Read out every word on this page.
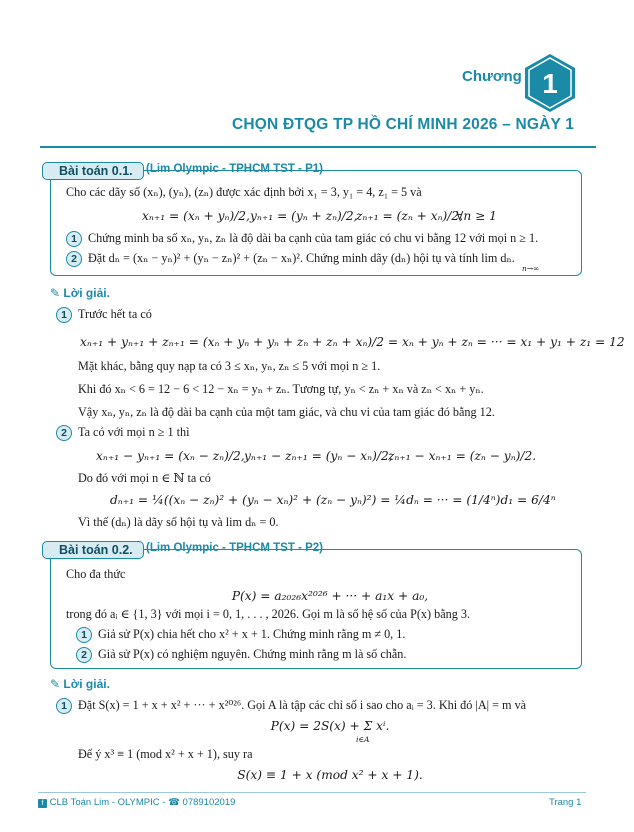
Chương 1
CHỌN ĐTQG TP HỒ CHÍ MINH 2026 – NGÀY 1
Bài toán 0.1.	(Lim Olympic - TPHCM TST - P1)
Cho các dãy số (xₙ), (yₙ), (zₙ) được xác định bởi x₁ = 3, y₁ = 4, z₁ = 5 và
xₙ₊₁ = (xₙ + yₙ)/2, yₙ₊₁ = (yₙ + zₙ)/2,
zₙ₊₁ = (zₙ + xₙ)/2,
∀n ≥ 1
1 Chứng minh ba số xₙ, yₙ, zₙ là độ dài ba cạnh của tam giác có chu vi bằng 12 với mọi n ≥ 1.
2 Đặt dₙ = (xₙ − yₙ)² + (yₙ − zₙ)² + (zₙ − xₙ)². Chứng minh dãy (dₙ) hội tụ và tính lim dₙ.
n→∞
✎ Lời giải.
1 Trước hết ta có
xₙ₊₁ + yₙ₊₁ + zₙ₊₁ = (xₙ + yₙ + yₙ + zₙ + zₙ + xₙ)/2 = xₙ + yₙ + zₙ = ··· = x₁ + y₁ + z₁ = 12
Mặt khác, bằng quy nạp ta có 3 ≤ xₙ, yₙ, zₙ ≤ 5 với mọi n ≥ 1.
Khi đó xₙ < 6 = 12 − 6 < 12 − xₙ = yₙ + zₙ. Tương tự, yₙ < zₙ + xₙ và zₙ < xₙ + yₙ.
Vậy xₙ, yₙ, zₙ là độ dài ba cạnh của một tam giác, và chu vi của tam giác đó bằng 12.
2 Ta có với mọi n ≥ 1 thì
xₙ₊₁ − yₙ₊₁ = (xₙ − zₙ)/2, yₙ₊₁ − zₙ₊₁ = (yₙ − xₙ)/2,
zₙ₊₁ − xₙ₊₁ = (zₙ − yₙ)/2.
Do đó với mọi n ∈ ℕ ta có
dₙ₊₁ = ¼((xₙ − zₙ)² + (yₙ − xₙ)² + (zₙ − yₙ)²) = ¼dₙ = ··· = (1/4ⁿ)d₁ = 6/4ⁿ
Vì thế (dₙ) là dãy số hội tụ và lim dₙ = 0.
Bài toán 0.2.	(Lim Olympic - TPHCM TST - P2)
Cho đa thức
P(x) = a₂₀₂₆x²⁰²⁶ + ··· + a₁x + a₀,
trong đó aᵢ ∈ {1, 3} với mọi i = 0, 1, . . . , 2026. Gọi m là số hệ số của P(x) bằng 3.
1 Giả sử P(x) chia hết cho x² + x + 1. Chứng minh rằng m ≠ 0, 1.
2 Giả sử P(x) có nghiệm nguyên. Chứng minh rằng m là số chẵn.
✎ Lời giải.
1 Đặt S(x) = 1 + x + x² + ··· + x²⁰²⁶. Gọi A là tập các chỉ số i sao cho aᵢ = 3. Khi đó |A| = m và
P(x) = 2S(x) + Σ xⁱ.
i∈A
Để ý x³ ≡ 1 (mod x² + x + 1), suy ra
S(x) ≡ 1 + x (mod x² + x + 1).
f CLB Toán Lim - OLYMPIC - ☎ 0789102019	Trang 1
